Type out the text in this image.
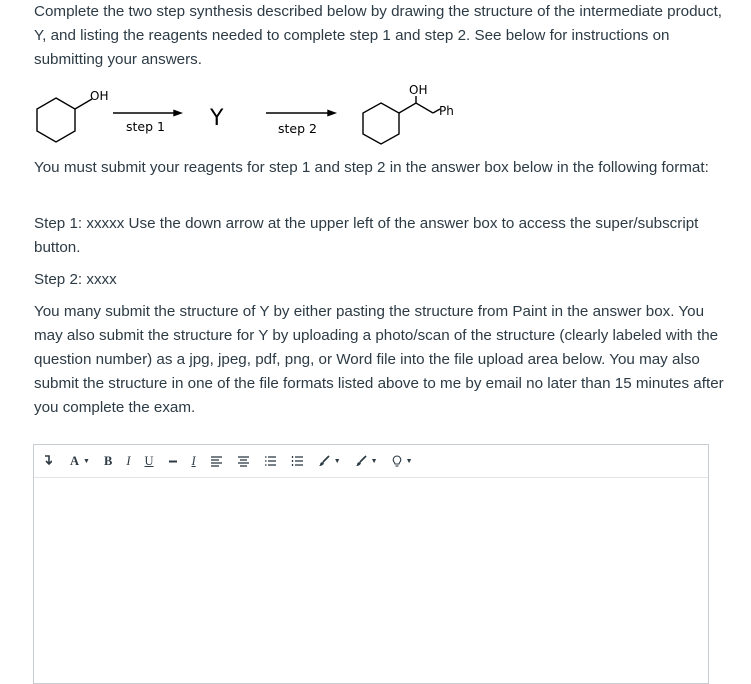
Complete the two step synthesis described below by drawing the structure of the intermediate product, Y, and listing the reagents needed to complete step 1 and step 2. See below for instructions on submitting your answers.

OH
step 1 Y	step 2
OH
Ph

You must submit your reagents for step 1 and step 2 in the answer box below in the following format:

Step 1: xxxxx Use the down arrow at the upper left of the answer box to access the super/subscript button.

Step 2: xxxx

You many submit the structure of Y by either pasting the structure from Paint in the answer box. You may also submit the structure for Y by uploading a photo/scan of the structure (clearly labeled with the question number) as a jpg, jpeg, pdf, png, or Word file into the file upload area below. You may also submit the structure in one of the file formats listed above to me by email no later than 15 minutes after you complete the exam.

A ▼ B I U	I	▼	▼	▼
